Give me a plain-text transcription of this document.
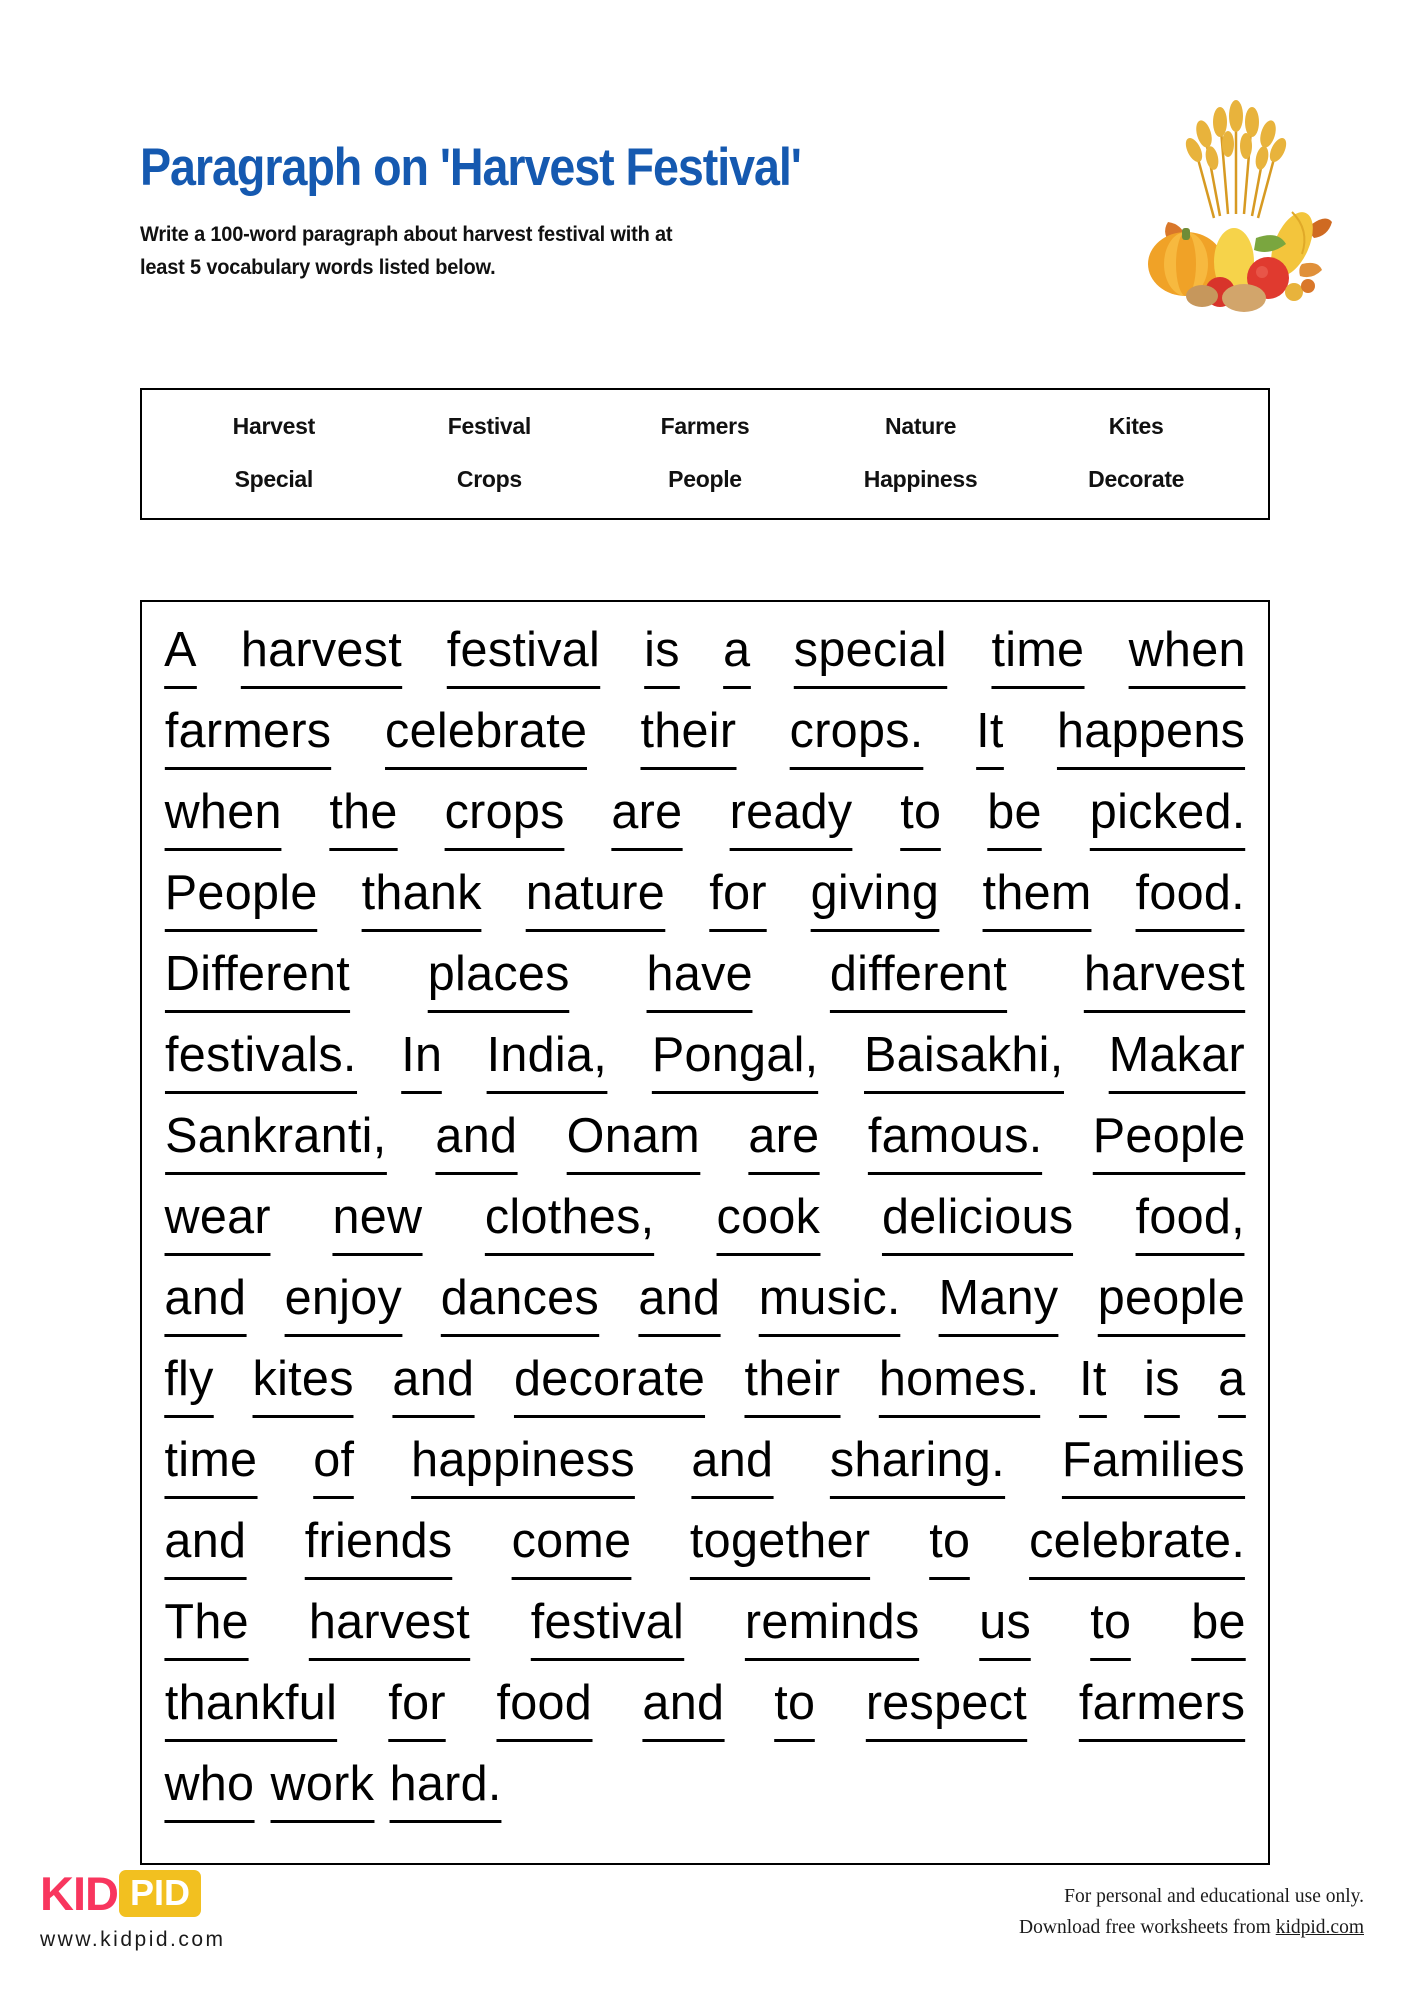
Paragraph on 'Harvest Festival'
Write a 100-word paragraph about harvest festival with at
least 5 vocabulary words listed below.
Harvest	Festival	Farmers	Nature	Kites
Special	Crops	People	Happiness	Decorate
A harvest festival is a special time when
farmers celebrate their crops. It happens
when the crops are ready to be picked.
People thank nature for giving them food.
Different places have different harvest
festivals. In India, Pongal, Baisakhi, Makar
Sankranti, and Onam are famous. People
wear new clothes, cook delicious food,
and enjoy dances and music. Many people
fly kites and decorate their homes. It is a
time of happiness and sharing. Families
and friends come together to celebrate.
The harvest festival reminds us to be
thankful for food and to respect farmers
who work hard.
KID PID
www.kidpid.com
For personal and educational use only.
Download free worksheets from kidpid.com
